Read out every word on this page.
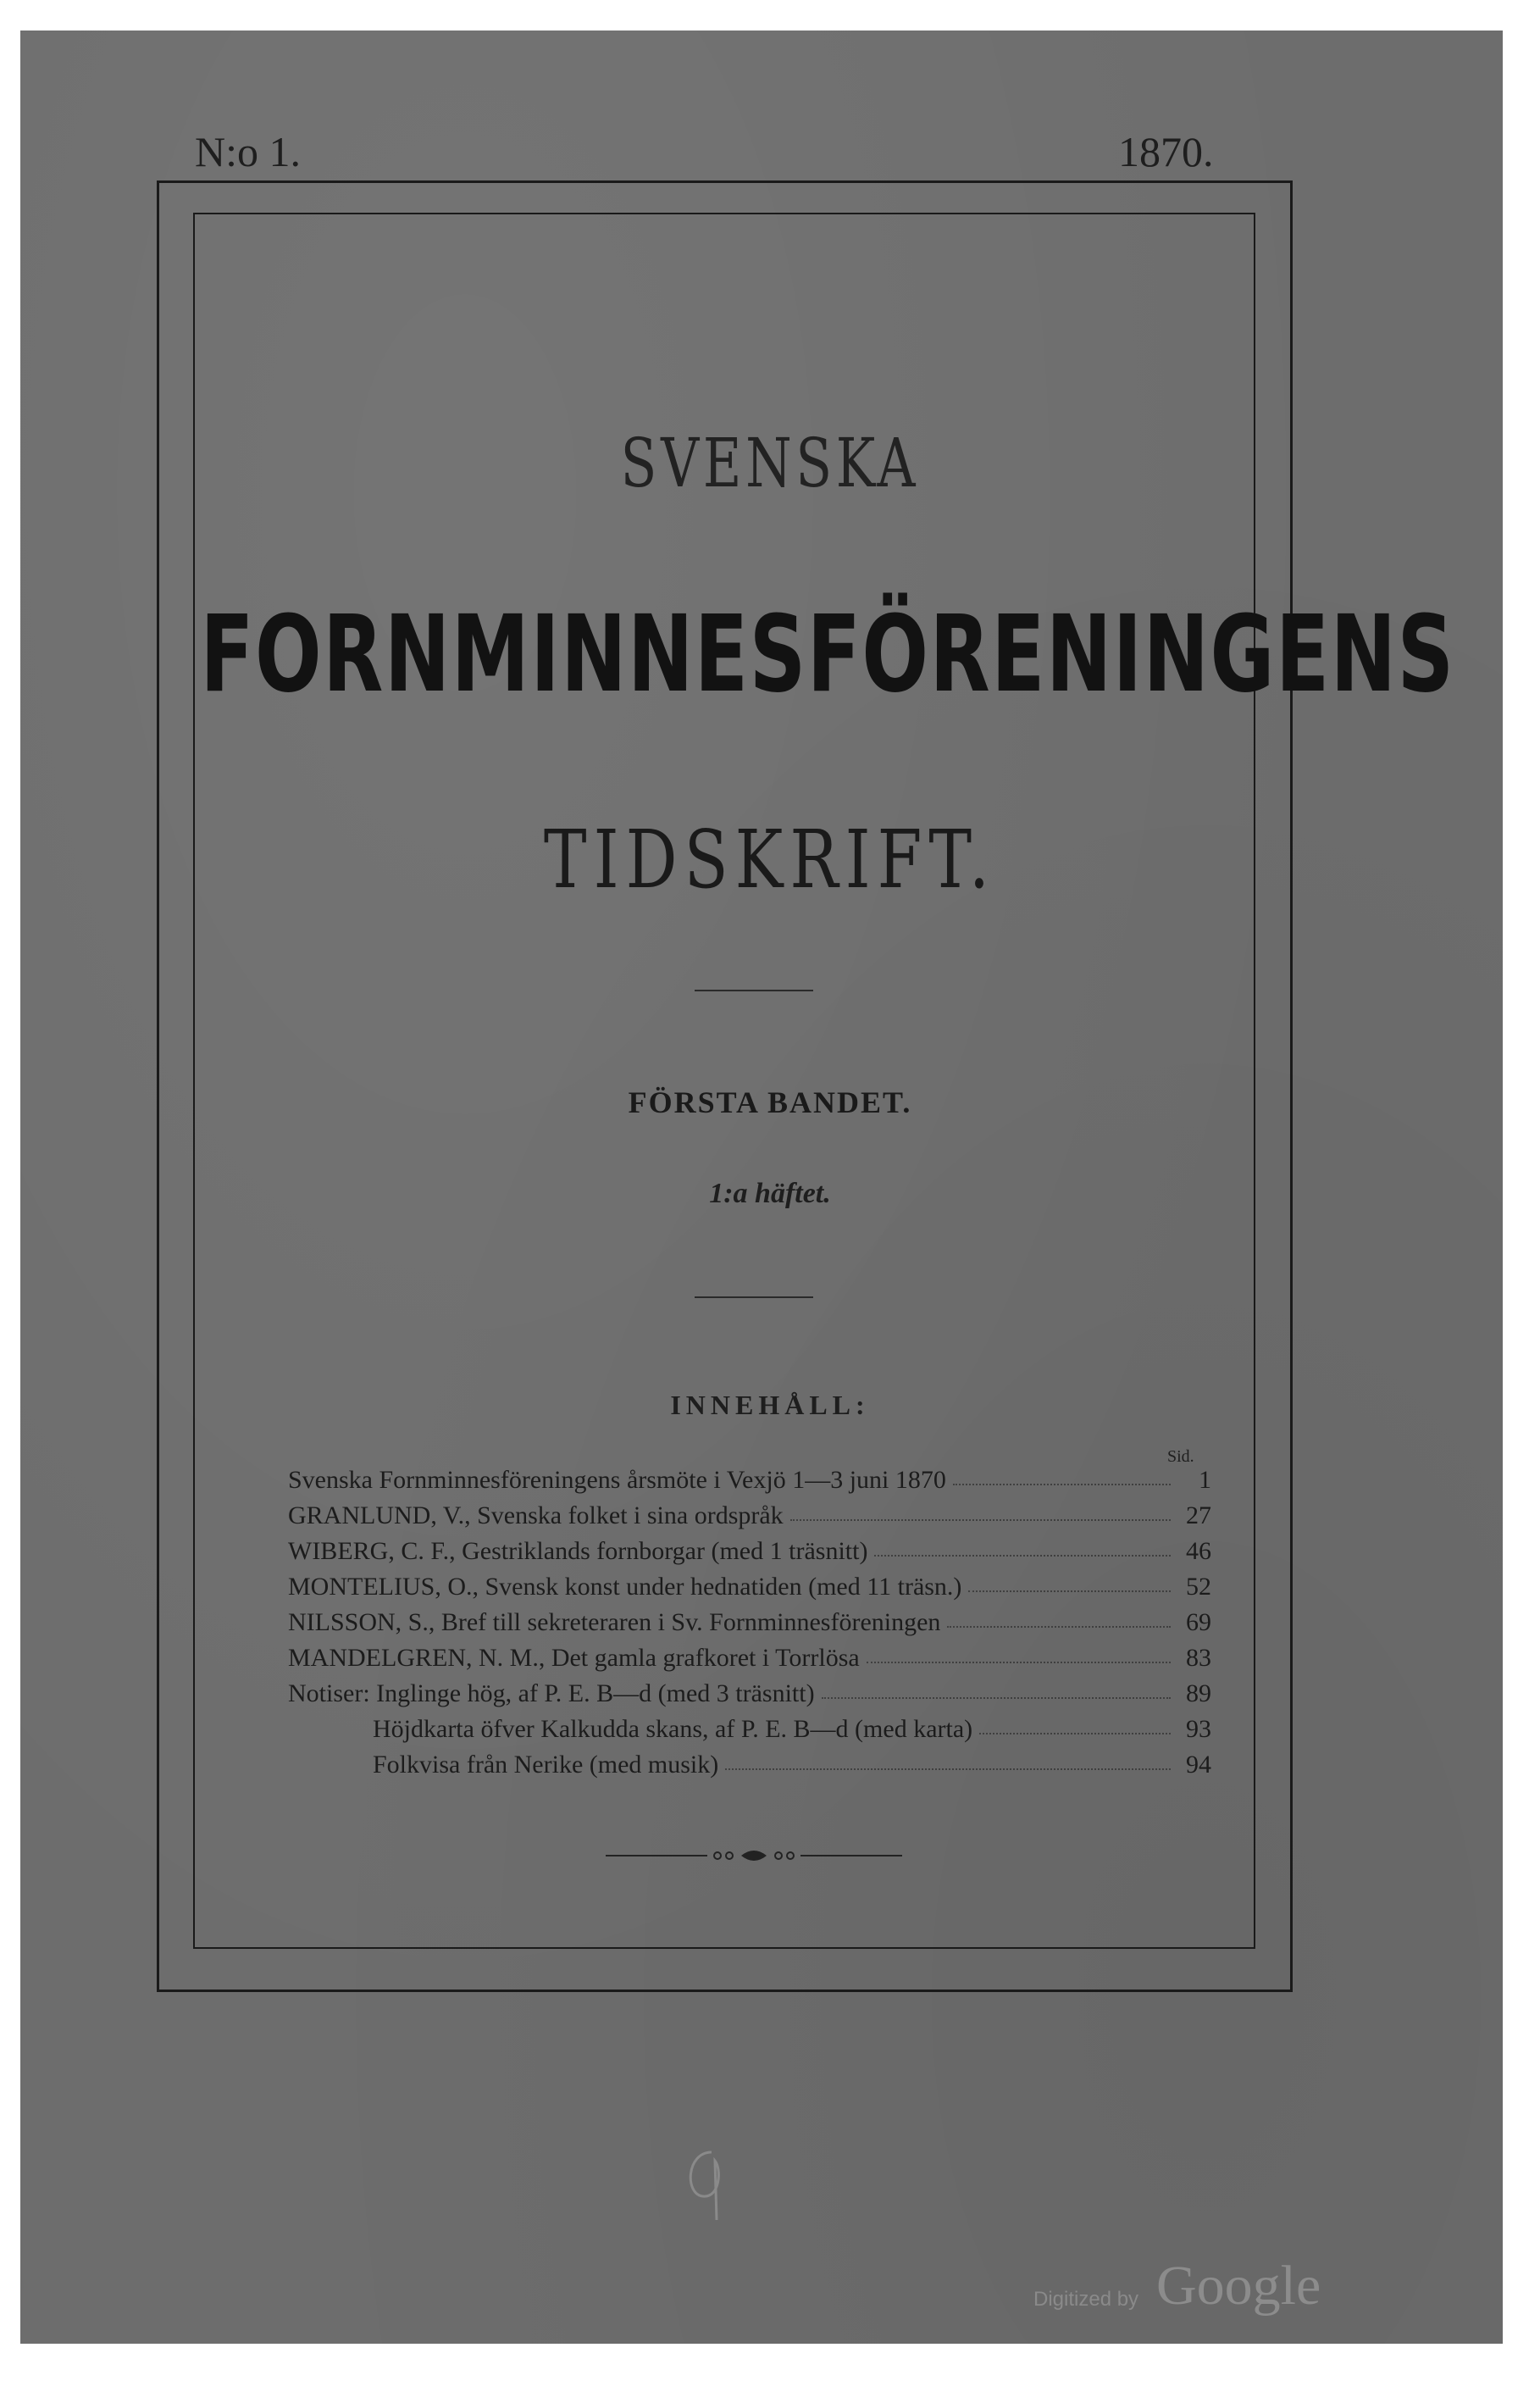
N:o 1.	1870.
SVENSKA
FORNMINNESFÖRENINGENS
TIDSKRIFT.
FÖRSTA BANDET.
1:a häftet.
INNEHÅLL:
Sid.
Svenska Fornminnesföreningens årsmöte i Vexjö 1—3 juni 1870	1
GRANLUND, V., Svenska folket i sina ordspråk	27
WIBERG, C. F., Gestriklands fornborgar (med 1 träsnitt)	46
MONTELIUS, O., Svensk konst under hednatiden (med 11 träsn.)	52
NILSSON, S., Bref till sekreteraren i Sv. Fornminnesföreningen	69
MANDELGREN, N. M., Det gamla grafkoret i Torrlösa	83
Notiser: Inglinge hög, af P. E. B—d (med 3 träsnitt)	89
Höjdkarta öfver Kalkudda skans, af P. E. B—d (med karta)	93
Folkvisa från Nerike (med musik)	94
Digitized by Google
